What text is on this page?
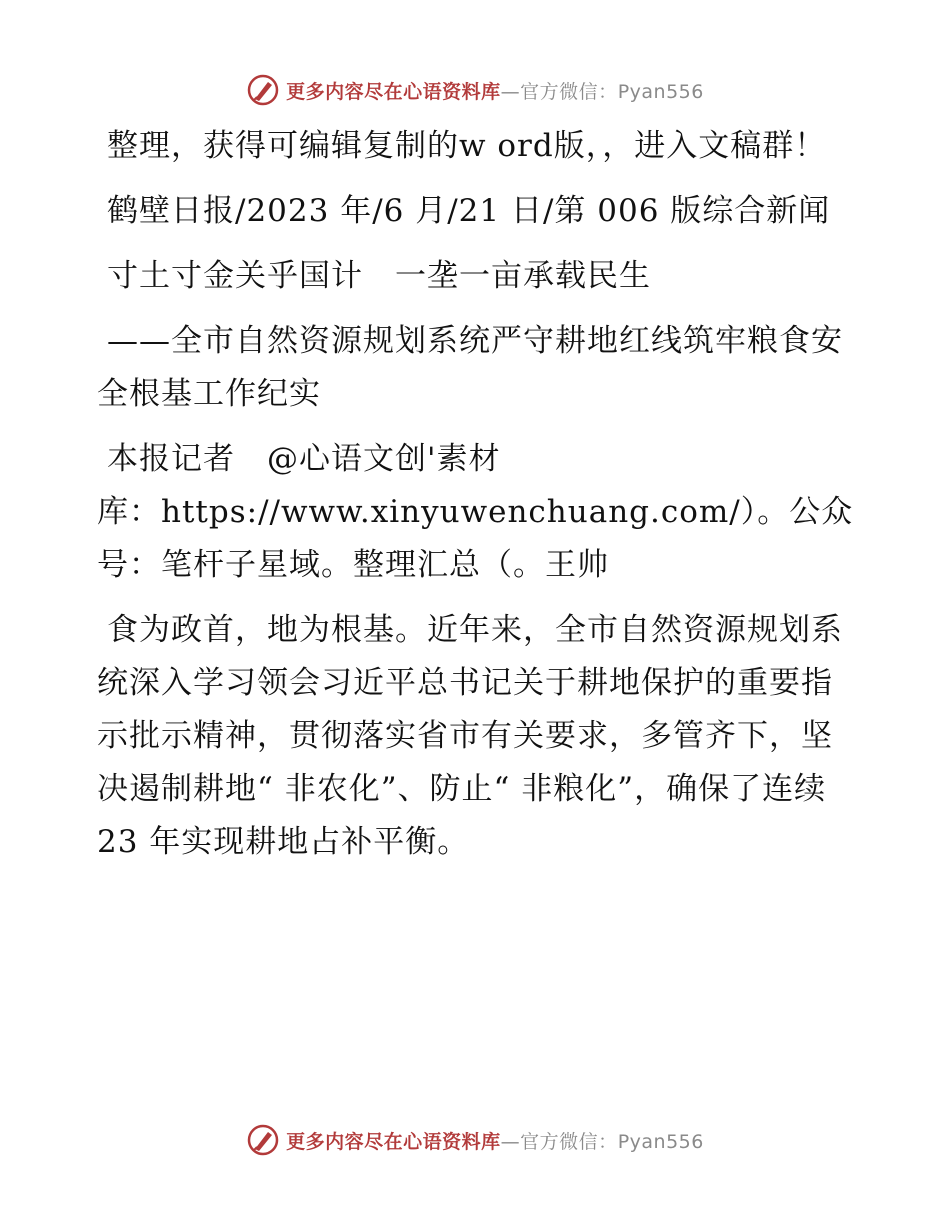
更多内容尽在心语资料库—官方微信：Pyan556

整理，获得可编辑复制的w ord版，，进入文稿群！

鹤壁日报/2023 年/6 月/21 日/第 006 版综合新闻

寸土寸金关乎国计　一垄一亩承载民生

——全市自然资源规划系统严守耕地红线筑牢粮食安全根基工作纪实

本报记者　@心语文创'素材

库：https://www.xinyuwenchuang.com/）。公众号：笔杆子星域。整理汇总（。王帅

食为政首，地为根基。近年来，全市自然资源规划系统深入学习领会习近平总书记关于耕地保护的重要指示批示精神，贯彻落实省市有关要求，多管齐下，坚决遏制耕地“ 非农化”、防止“ 非粮化”，确保了连续 23 年实现耕地占补平衡。

更多内容尽在心语资料库—官方微信：Pyan556
